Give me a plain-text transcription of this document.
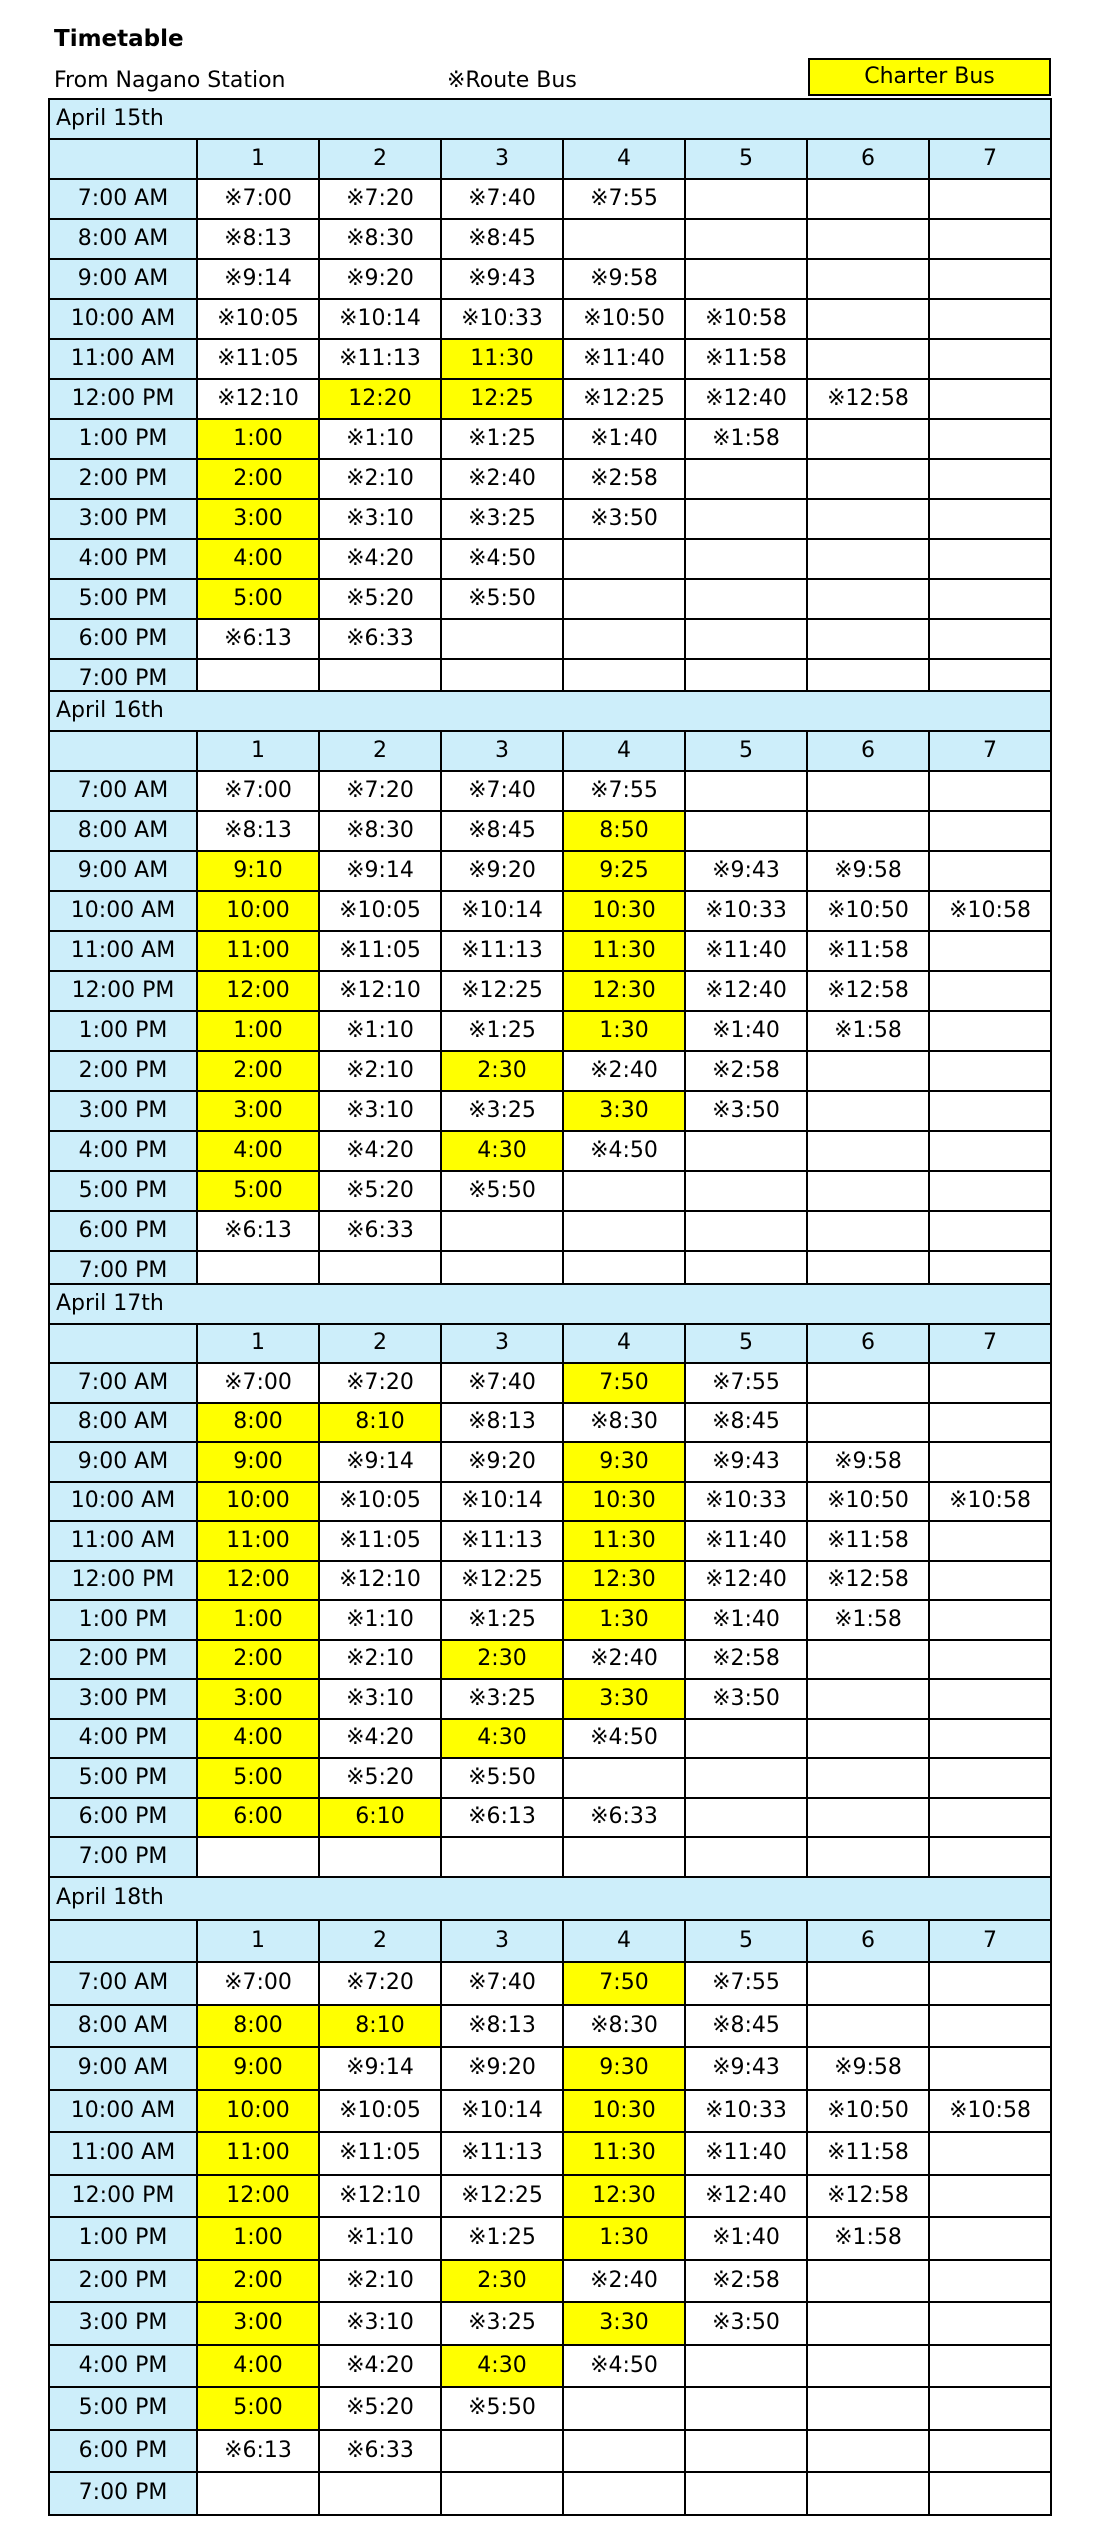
Timetable
From Nagano Station	※Route Bus	Charter Bus
April 15th							
	1	2	3	4	5	6	7
7:00 AM	※7:00	※7:20	※7:40	※7:55			
8:00 AM	※8:13	※8:30	※8:45				
9:00 AM	※9:14	※9:20	※9:43	※9:58			
10:00 AM	※10:05	※10:14	※10:33	※10:50	※10:58		
11:00 AM	※11:05	※11:13	11:30	※11:40	※11:58		
12:00 PM	※12:10	12:20	12:25	※12:25	※12:40	※12:58	
1:00 PM	1:00	※1:10	※1:25	※1:40	※1:58		
2:00 PM	2:00	※2:10	※2:40	※2:58			
3:00 PM	3:00	※3:10	※3:25	※3:50			
4:00 PM	4:00	※4:20	※4:50				
5:00 PM	5:00	※5:20	※5:50				
6:00 PM	※6:13	※6:33					
7:00 PM							
April 16th							
	1	2	3	4	5	6	7
7:00 AM	※7:00	※7:20	※7:40	※7:55			
8:00 AM	※8:13	※8:30	※8:45	8:50			
9:00 AM	9:10	※9:14	※9:20	9:25	※9:43	※9:58	
10:00 AM	10:00	※10:05	※10:14	10:30	※10:33	※10:50	※10:58
11:00 AM	11:00	※11:05	※11:13	11:30	※11:40	※11:58	
12:00 PM	12:00	※12:10	※12:25	12:30	※12:40	※12:58	
1:00 PM	1:00	※1:10	※1:25	1:30	※1:40	※1:58	
2:00 PM	2:00	※2:10	2:30	※2:40	※2:58		
3:00 PM	3:00	※3:10	※3:25	3:30	※3:50		
4:00 PM	4:00	※4:20	4:30	※4:50			
5:00 PM	5:00	※5:20	※5:50				
6:00 PM	※6:13	※6:33					
7:00 PM							
April 17th							
	1	2	3	4	5	6	7
7:00 AM	※7:00	※7:20	※7:40	7:50	※7:55		
8:00 AM	8:00	8:10	※8:13	※8:30	※8:45		
9:00 AM	9:00	※9:14	※9:20	9:30	※9:43	※9:58	
10:00 AM	10:00	※10:05	※10:14	10:30	※10:33	※10:50	※10:58
11:00 AM	11:00	※11:05	※11:13	11:30	※11:40	※11:58	
12:00 PM	12:00	※12:10	※12:25	12:30	※12:40	※12:58	
1:00 PM	1:00	※1:10	※1:25	1:30	※1:40	※1:58	
2:00 PM	2:00	※2:10	2:30	※2:40	※2:58		
3:00 PM	3:00	※3:10	※3:25	3:30	※3:50		
4:00 PM	4:00	※4:20	4:30	※4:50			
5:00 PM	5:00	※5:20	※5:50				
6:00 PM	6:00	6:10	※6:13	※6:33			
7:00 PM							
April 18th							
	1	2	3	4	5	6	7
7:00 AM	※7:00	※7:20	※7:40	7:50	※7:55		
8:00 AM	8:00	8:10	※8:13	※8:30	※8:45		
9:00 AM	9:00	※9:14	※9:20	9:30	※9:43	※9:58	
10:00 AM	10:00	※10:05	※10:14	10:30	※10:33	※10:50	※10:58
11:00 AM	11:00	※11:05	※11:13	11:30	※11:40	※11:58	
12:00 PM	12:00	※12:10	※12:25	12:30	※12:40	※12:58	
1:00 PM	1:00	※1:10	※1:25	1:30	※1:40	※1:58	
2:00 PM	2:00	※2:10	2:30	※2:40	※2:58		
3:00 PM	3:00	※3:10	※3:25	3:30	※3:50		
4:00 PM	4:00	※4:20	4:30	※4:50			
5:00 PM	5:00	※5:20	※5:50				
6:00 PM	※6:13	※6:33					
7:00 PM							
